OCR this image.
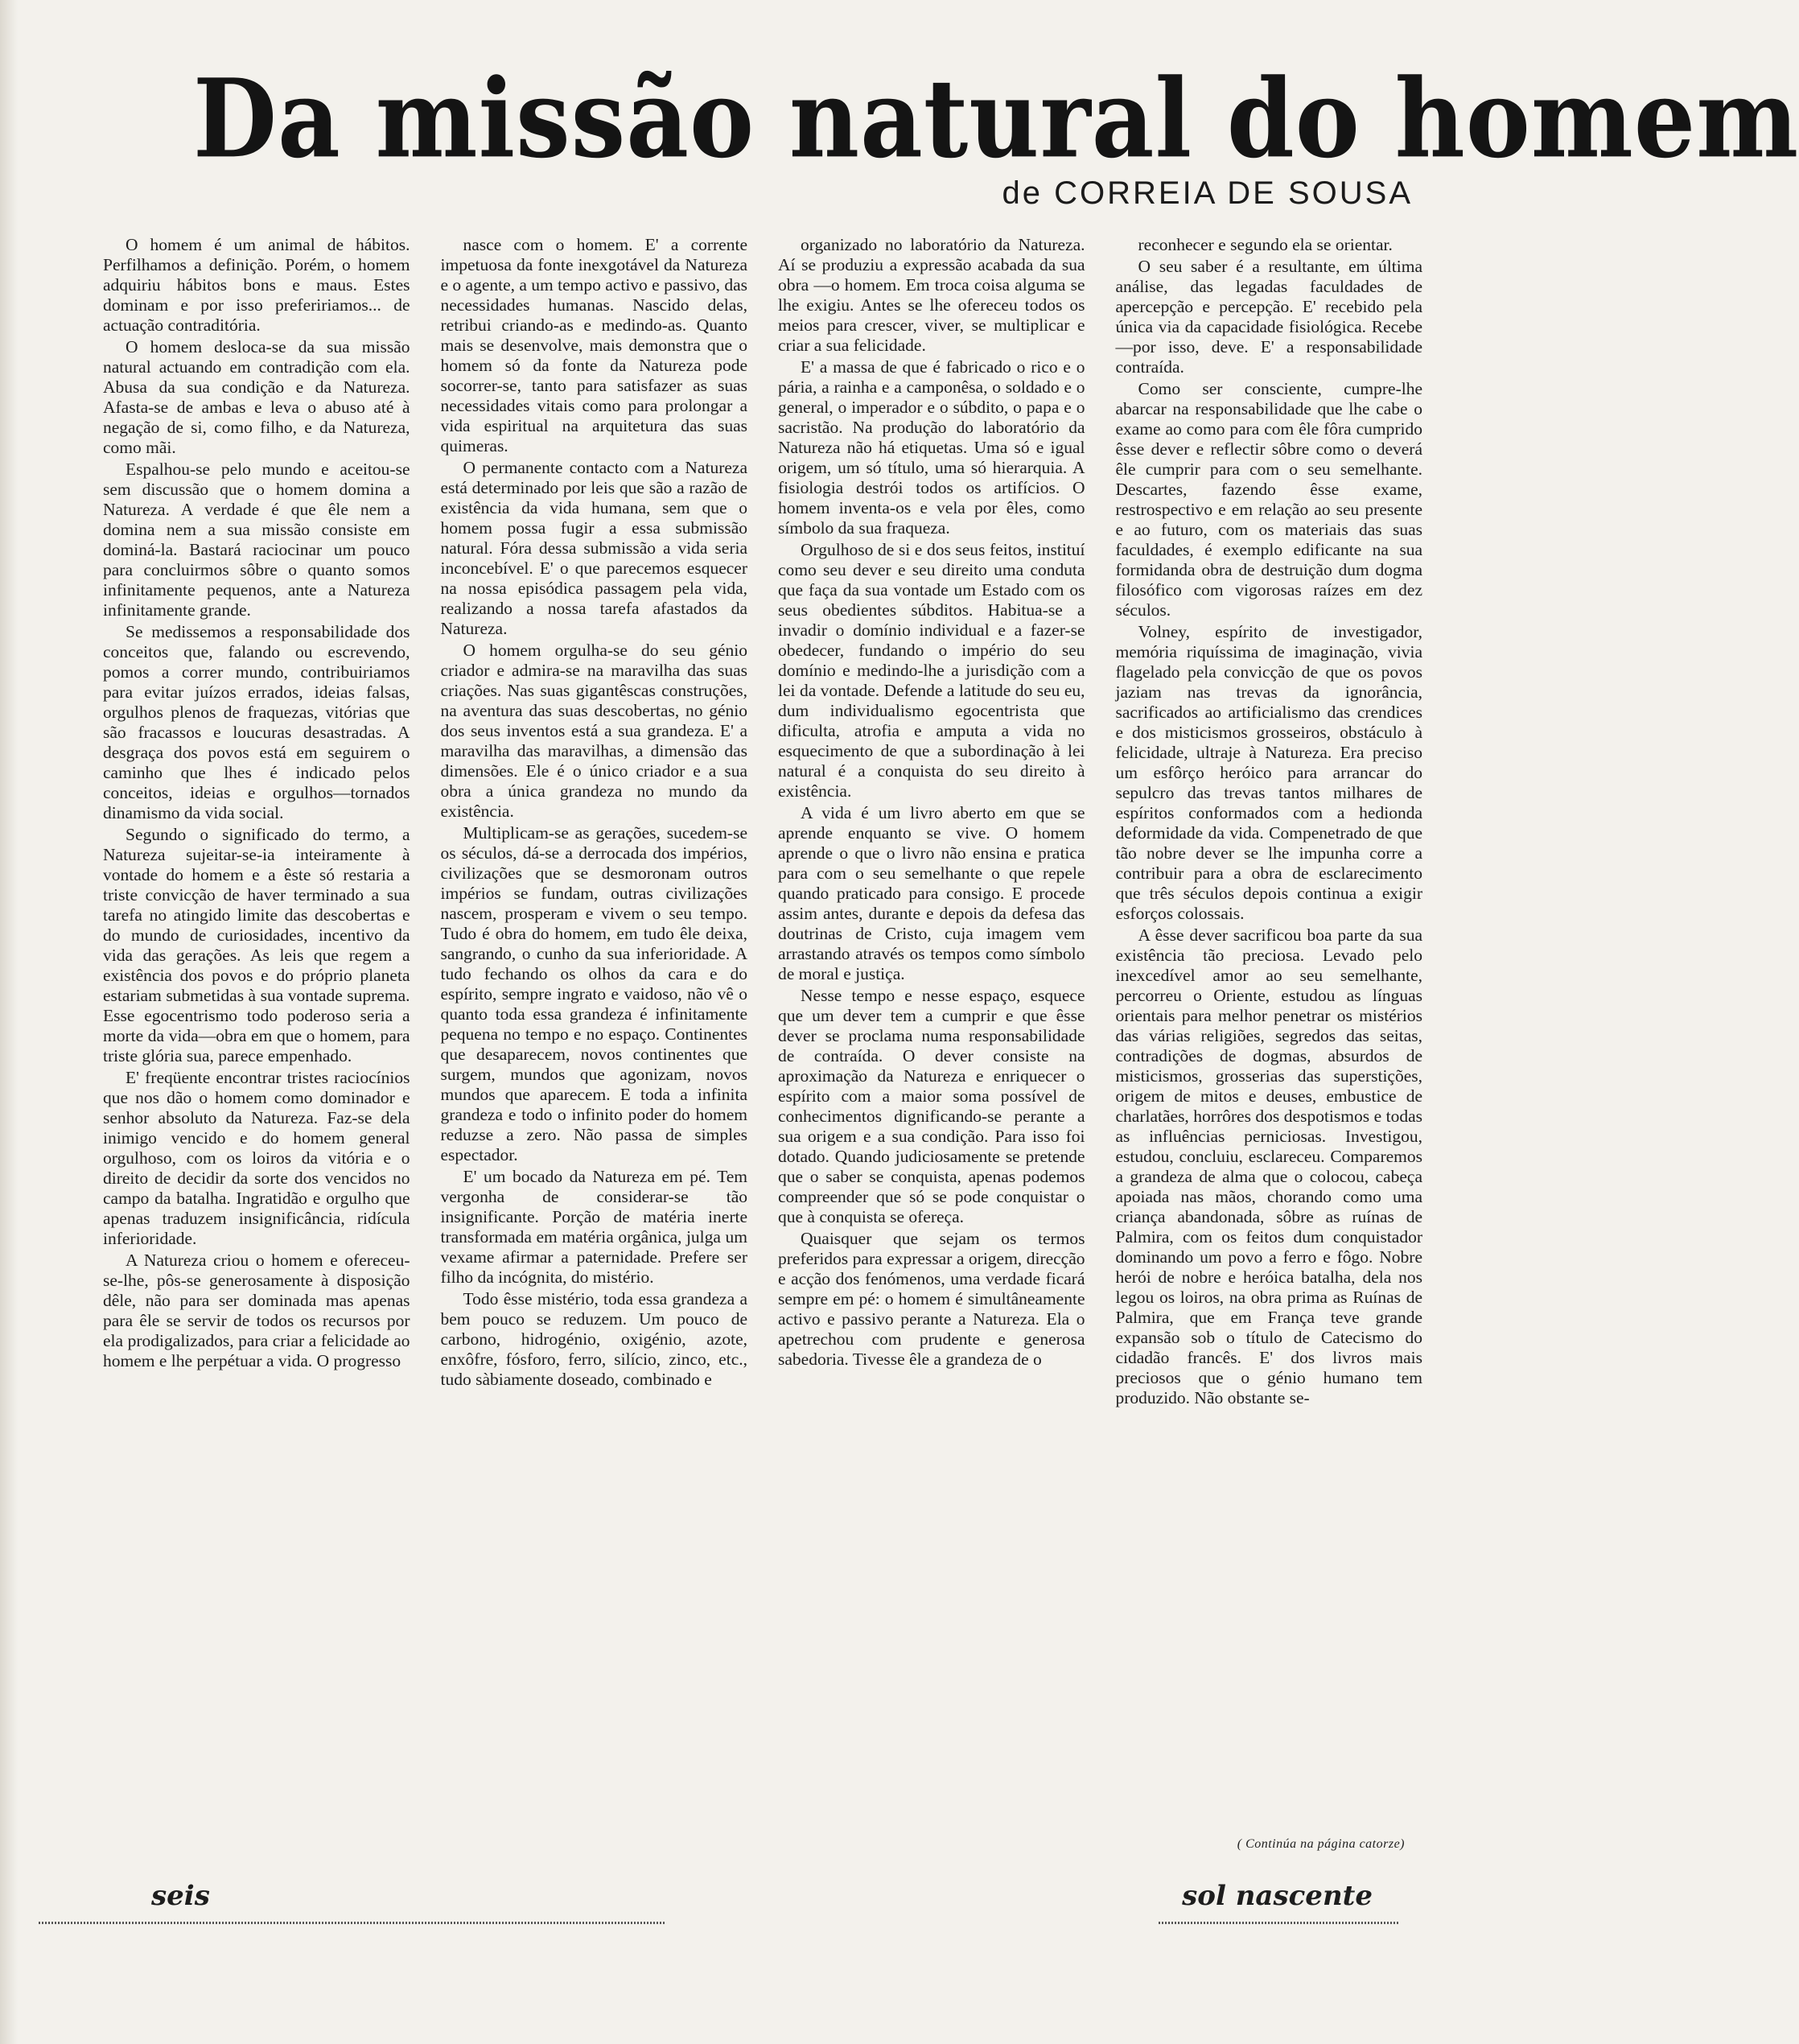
Da missão natural do homem
de CORREIA DE SOUSA

O homem é um animal de hábitos. Perfilhamos a definição. Porém, o homem adquiriu hábitos bons e maus. Estes dominam e por isso prefeririamos... de actuação contraditória.

O homem desloca-se da sua missão natural actuando em contradição com ela. Abusa da sua condição e da Natureza. Afasta-se de ambas e leva o abuso até à negação de si, como filho, e da Natureza, como mãi.

Espalhou-se pelo mundo e aceitou-se sem discussão que o homem domina a Natureza. A verdade é que êle nem a domina nem a sua missão consiste em dominá-la. Bastará raciocinar um pouco para concluirmos sôbre o quanto somos infinitamente pequenos, ante a Natureza infinitamente grande.

Se medissemos a responsabilidade dos conceitos que, falando ou escrevendo, pomos a correr mundo, contribuiriamos para evitar juízos errados, ideias falsas, orgulhos plenos de fraquezas, vitórias que são fracassos e loucuras desastradas. A desgraça dos povos está em seguirem o caminho que lhes é indicado pelos conceitos, ideias e orgulhos—tornados dinamismo da vida social.

Segundo o significado do termo, a Natureza sujeitar-se-ia inteiramente à vontade do homem e a êste só restaria a triste convicção de haver terminado a sua tarefa no atingido limite das descobertas e do mundo de curiosidades, incentivo da vida das gerações. As leis que regem a existência dos povos e do próprio planeta estariam submetidas à sua vontade suprema. Esse egocentrismo todo poderoso seria a morte da vida—obra em que o homem, para triste glória sua, parece empenhado.

E' freqüente encontrar tristes raciocínios que nos dão o homem como dominador e senhor absoluto da Natureza. Faz-se dela inimigo vencido e do homem general orgulhoso, com os loiros da vitória e o direito de decidir da sorte dos vencidos no campo da batalha. Ingratidão e orgulho que apenas traduzem insignificância, ridícula inferioridade.

A Natureza criou o homem e ofereceu-se-lhe, pôs-se generosamente à disposição dêle, não para ser dominada mas apenas para êle se servir de todos os recursos por ela prodigalizados, para criar a felicidade ao homem e lhe perpétuar a vida. O progresso

nasce com o homem. E' a corrente impetuosa da fonte inexgotável da Natureza e o agente, a um tempo activo e passivo, das necessidades humanas. Nascido delas, retribui criando-as e medindo-as. Quanto mais se desenvolve, mais demonstra que o homem só da fonte da Natureza pode socorrer-se, tanto para satisfazer as suas necessidades vitais como para prolongar a vida espiritual na arquitetura das suas quimeras.

O permanente contacto com a Natureza está determinado por leis que são a razão de existência da vida humana, sem que o homem possa fugir a essa submissão natural. Fóra dessa submissão a vida seria inconcebível. E' o que parecemos esquecer na nossa episódica passagem pela vida, realizando a nossa tarefa afastados da Natureza.

O homem orgulha-se do seu génio criador e admira-se na maravilha das suas criações. Nas suas gigantêscas construções, na aventura das suas descobertas, no génio dos seus inventos está a sua grandeza. E' a maravilha das maravilhas, a dimensão das dimensões. Ele é o único criador e a sua obra a única grandeza no mundo da existência.

Multiplicam-se as gerações, sucedem-se os séculos, dá-se a derrocada dos impérios, civilizações que se desmoronam outros impérios se fundam, outras civilizações nascem, prosperam e vivem o seu tempo. Tudo é obra do homem, em tudo êle deixa, sangrando, o cunho da sua inferioridade. A tudo fechando os olhos da cara e do espírito, sempre ingrato e vaidoso, não vê o quanto toda essa grandeza é infinitamente pequena no tempo e no espaço. Continentes que desaparecem, novos continentes que surgem, mundos que agonizam, novos mundos que aparecem. E toda a infinita grandeza e todo o infinito poder do homem reduzse a zero. Não passa de simples espectador.

E' um bocado da Natureza em pé. Tem vergonha de considerar-se tão insignificante. Porção de matéria inerte transformada em matéria orgânica, julga um vexame afirmar a paternidade. Prefere ser filho da incógnita, do mistério.

Todo êsse mistério, toda essa grandeza a bem pouco se reduzem. Um pouco de carbono, hidrogénio, oxigénio, azote, enxôfre, fósforo, ferro, silício, zinco, etc., tudo sàbiamente doseado, combinado e

organizado no laboratório da Natureza. Aí se produziu a expressão acabada da sua obra —o homem. Em troca coisa alguma se lhe exigiu. Antes se lhe ofereceu todos os meios para crescer, viver, se multiplicar e criar a sua felicidade.

E' a massa de que é fabricado o rico e o pária, a rainha e a camponêsa, o soldado e o general, o imperador e o súbdito, o papa e o sacristão. Na produção do laboratório da Natureza não há etiquetas. Uma só e igual origem, um só título, uma só hierarquia. A fisiologia destrói todos os artifícios. O homem inventa-os e vela por êles, como símbolo da sua fraqueza.

Orgulhoso de si e dos seus feitos, instituí como seu dever e seu direito uma conduta que faça da sua vontade um Estado com os seus obedientes súbditos. Habitua-se a invadir o domínio individual e a fazer-se obedecer, fundando o império do seu domínio e medindo-lhe a jurisdição com a lei da vontade. Defende a latitude do seu eu, dum individualismo egocentrista que dificulta, atrofia e amputa a vida no esquecimento de que a subordinação à lei natural é a conquista do seu direito à existência.

A vida é um livro aberto em que se aprende enquanto se vive. O homem aprende o que o livro não ensina e pratica para com o seu semelhante o que repele quando praticado para consigo. E procede assim antes, durante e depois da defesa das doutrinas de Cristo, cuja imagem vem arrastando através os tempos como símbolo de moral e justiça.

Nesse tempo e nesse espaço, esquece que um dever tem a cumprir e que êsse dever se proclama numa responsabilidade de contraída. O dever consiste na aproximação da Natureza e enriquecer o espírito com a maior soma possível de conhecimentos dignificando-se perante a sua origem e a sua condição. Para isso foi dotado. Quando judiciosamente se pretende que o saber se conquista, apenas podemos compreender que só se pode conquistar o que à conquista se ofereça.

Quaisquer que sejam os termos preferidos para expressar a origem, direcção e acção dos fenómenos, uma verdade ficará sempre em pé: o homem é simultâneamente activo e passivo perante a Natureza. Ela o apetrechou com prudente e generosa sabedoria. Tivesse êle a grandeza de o

reconhecer e segundo ela se orientar.

O seu saber é a resultante, em última análise, das legadas faculdades de apercepção e percepção. E' recebido pela única via da capacidade fisiológica. Recebe—por isso, deve. E' a responsabilidade contraída.

Como ser consciente, cumpre-lhe abarcar na responsabilidade que lhe cabe o exame ao como para com êle fôra cumprido êsse dever e reflectir sôbre como o deverá êle cumprir para com o seu semelhante. Descartes, fazendo êsse exame, restrospectivo e em relação ao seu presente e ao futuro, com os materiais das suas faculdades, é exemplo edificante na sua formidanda obra de destruição dum dogma filosófico com vigorosas raízes em dez séculos.

Volney, espírito de investigador, memória riquíssima de imaginação, vivia flagelado pela convicção de que os povos jaziam nas trevas da ignorância, sacrificados ao artificialismo das crendices e dos misticismos grosseiros, obstáculo à felicidade, ultraje à Natureza. Era preciso um esfôrço heróico para arrancar do sepulcro das trevas tantos milhares de espíritos conformados com a hedionda deformidade da vida. Compenetrado de que tão nobre dever se lhe impunha corre a contribuir para a obra de esclarecimento que três séculos depois continua a exigir esforços colossais.

A êsse dever sacrificou boa parte da sua existência tão preciosa. Levado pelo inexcedível amor ao seu semelhante, percorreu o Oriente, estudou as línguas orientais para melhor penetrar os mistérios das várias religiões, segredos das seitas, contradições de dogmas, absurdos de misticismos, grosserias das superstições, origem de mitos e deuses, embustice de charlatães, horrôres dos despotismos e todas as influências perniciosas. Investigou, estudou, concluiu, esclareceu. Comparemos a grandeza de alma que o colocou, cabeça apoiada nas mãos, chorando como uma criança abandonada, sôbre as ruínas de Palmira, com os feitos dum conquistador dominando um povo a ferro e fôgo. Nobre herói de nobre e heróica batalha, dela nos legou os loiros, na obra prima as Ruínas de Palmira, que em França teve grande expansão sob o título de Catecismo do cidadão francês. E' dos livros mais preciosos que o génio humano tem produzido. Não obstante se-

( Continúa na página catorze)
seis	sol nascente
